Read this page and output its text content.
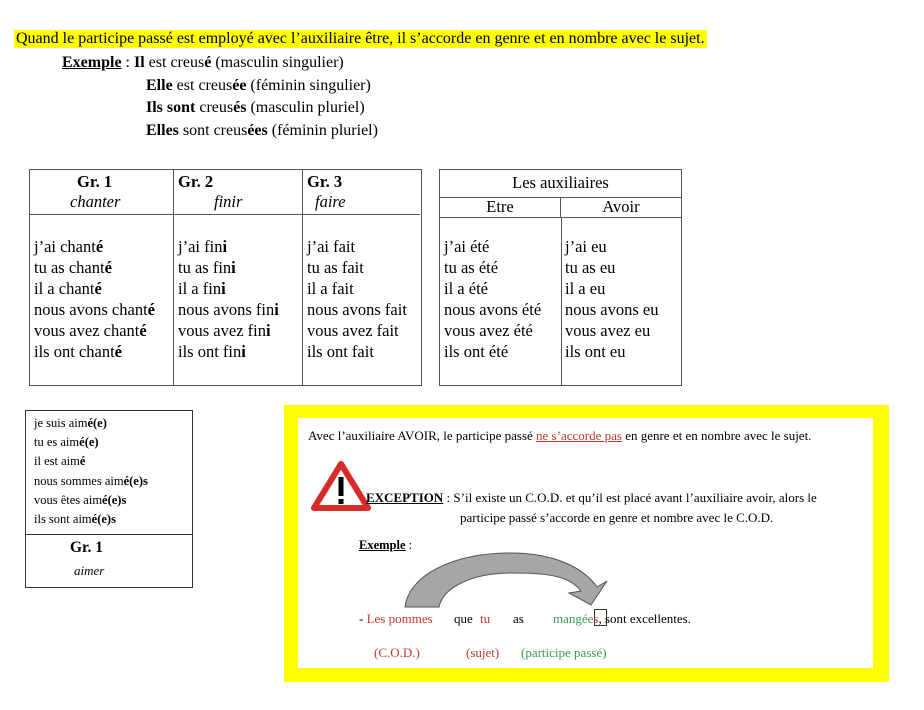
Quand le participe passé est employé avec l’auxiliaire être, il s’accorde en genre et en nombre avec le sujet.
Exemple : Il est creusé (masculin singulier)
Elle est creusée (féminin singulier)
Ils sont creusés (masculin pluriel)
Elles sont creusées (féminin pluriel)
Gr. 1
chanter
j’ai chanté
tu as chanté
il a chanté
nous avons chanté
vous avez chanté
ils ont chanté
Gr. 2
finir
j’ai fini
tu as fini
il a fini
nous avons fini
vous avez fini
ils ont fini
Gr. 3
faire
j’ai fait
tu as fait
il a fait
nous avons fait
vous avez fait
ils ont fait
Les auxiliaires
Etre	Avoir
j’ai été
tu as été
il a été
nous avons été
vous avez été
ils ont été
j’ai eu
tu as eu
il a eu
nous avons eu
vous avez eu
ils ont eu
je suis aimé(e)
tu es aimé(e)
il est aimé
nous sommes aimé(e)s
vous êtes aimé(e)s
ils sont aimé(e)s
Gr. 1
aimer
Avec l’auxiliaire AVOIR, le participe passé ne s’accorde pas en genre et en nombre avec le sujet.
EXCEPTION : S’il existe un C.O.D. et qu’il est placé avant l’auxiliaire avoir, alors le
participe passé s’accorde en genre et nombre avec le C.O.D.
Exemple :
- Les pommes que tu as mangées, sont excellentes.
(C.O.D.)	(sujet) (participe passé)
